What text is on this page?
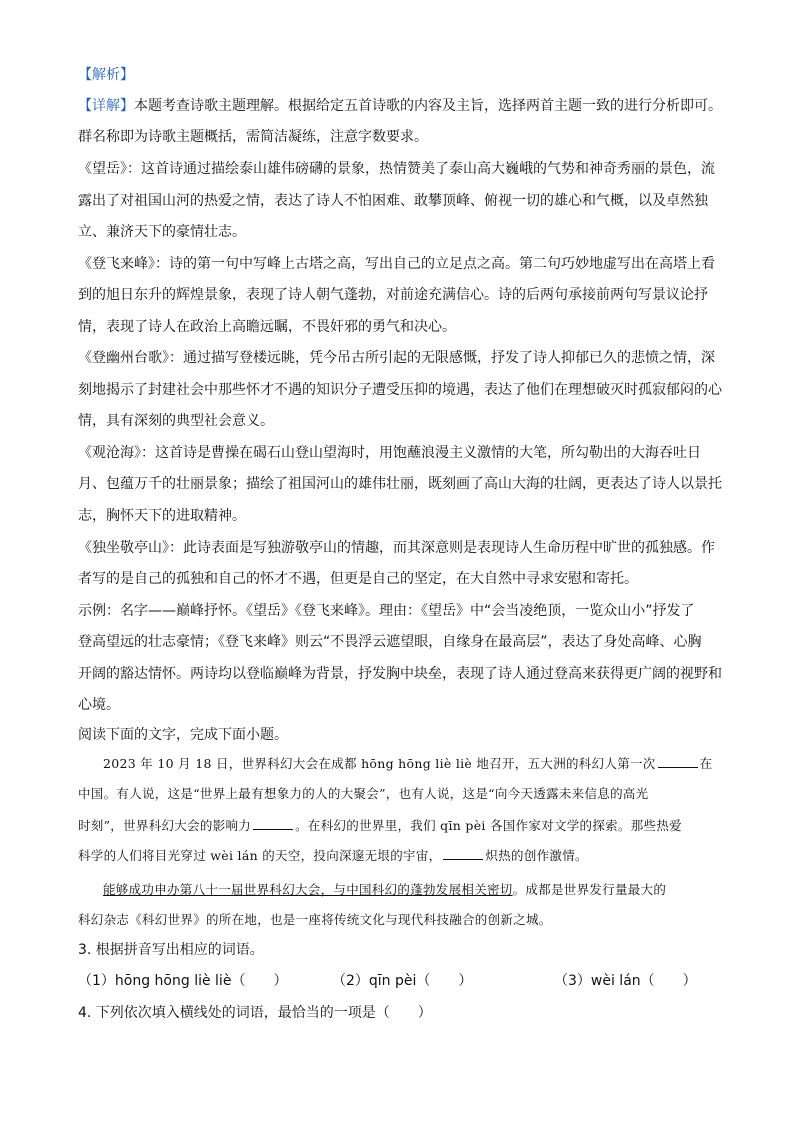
【解析】
【详解】本题考查诗歌主题理解。根据给定五首诗歌的内容及主旨，选择两首主题一致的进行分析即可。
群名称即为诗歌主题概括，需简洁凝练，注意字数要求。
《望岳》：这首诗通过描绘泰山雄伟磅礴的景象，热情赞美了泰山高大巍峨的气势和神奇秀丽的景色，流
露出了对祖国山河的热爱之情，表达了诗人不怕困难、敢攀顶峰、俯视一切的雄心和气概，以及卓然独
立、兼济天下的豪情壮志。
《登飞来峰》：诗的第一句中写峰上古塔之高，写出自己的立足点之高。第二句巧妙地虚写出在高塔上看
到的旭日东升的辉煌景象，表现了诗人朝气蓬勃，对前途充满信心。诗的后两句承接前两句写景议论抒
情，表现了诗人在政治上高瞻远瞩，不畏奸邪的勇气和决心。
《登幽州台歌》：通过描写登楼远眺，凭今吊古所引起的无限感慨，抒发了诗人抑郁已久的悲愤之情，深
刻地揭示了封建社会中那些怀才不遇的知识分子遭受压抑的境遇，表达了他们在理想破灭时孤寂郁闷的心
情，具有深刻的典型社会意义。
《观沧海》：这首诗是曹操在碣石山登山望海时，用饱蘸浪漫主义激情的大笔，所勾勒出的大海吞吐日
月、包蕴万千的壮丽景象；描绘了祖国河山的雄伟壮丽，既刻画了高山大海的壮阔，更表达了诗人以景托
志，胸怀天下的进取精神。
《独坐敬亭山》：此诗表面是写独游敬亭山的情趣，而其深意则是表现诗人生命历程中旷世的孤独感。作
者写的是自己的孤独和自己的怀才不遇，但更是自己的坚定，在大自然中寻求安慰和寄托。
示例：名字——巅峰抒怀。《望岳》《登飞来峰》。理由：《望岳》中“会当凌绝顶，一览众山小”抒发了
登高望远的壮志豪情；《登飞来峰》则云“不畏浮云遮望眼，自缘身在最高层”，表达了身处高峰、心胸
开阔的豁达情怀。两诗均以登临巅峰为背景，抒发胸中块垒，表现了诗人通过登高来获得更广阔的视野和
心境。
阅读下面的文字，完成下面小题。
2023 年 10 月 18 日，世界科幻大会在成都 hōng hōng liè liè 地召开，五大洲的科幻人第一次	在
中国。有人说，这是“世界上最有想象力的人的大聚会”，也有人说，这是“向今天透露未来信息的高光
时刻”，世界科幻大会的影响力	。在科幻的世界里，我们 qīn pèi 各国作家对文学的探索。那些热爱
科学的人们将目光穿过 wèi lán 的天空，投向深邃无垠的宇宙，	炽热的创作激情。
能够成功申办第八十一届世界科幻大会，与中国科幻的蓬勃发展相关密切。成都是世界发行量最大的
科幻杂志《科幻世界》的所在地，也是一座将传统文化与现代科技融合的创新之城。
3. 根据拼音写出相应的词语。
（1）hōng hōng liè liè（　　）	（2）qīn pèi（　　）	（3）wèi lán（　　）
4. 下列依次填入横线处的词语，最恰当的一项是（　　）
